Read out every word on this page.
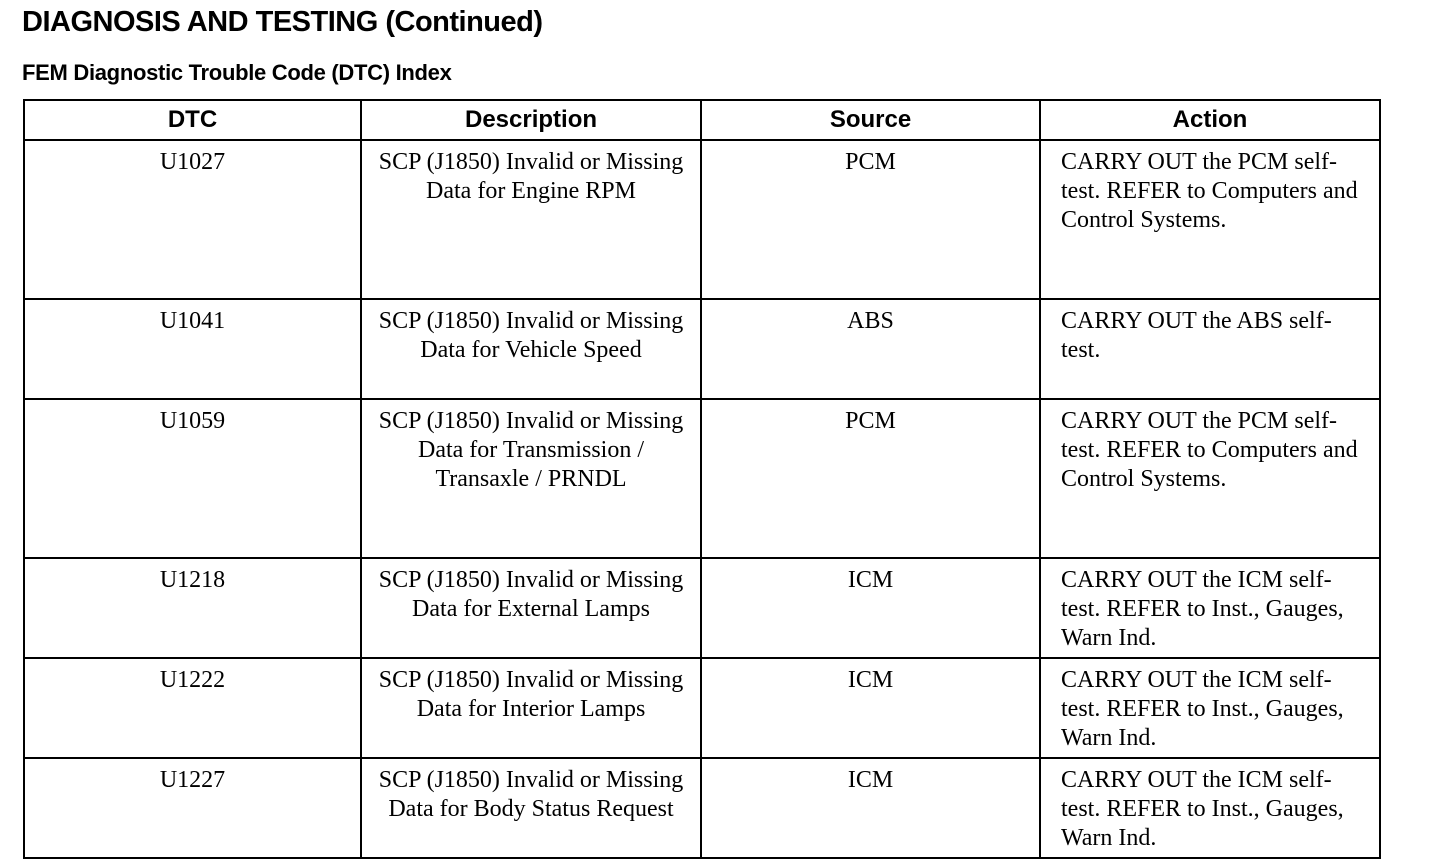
DIAGNOSIS AND TESTING (Continued)
FEM Diagnostic Trouble Code (DTC) Index
DTC	Description	Source	Action
U1027	SCP (J1850) Invalid or Missing Data for Engine RPM	PCM	CARRY OUT the PCM self-test. REFER to Computers and Control Systems.
U1041	SCP (J1850) Invalid or Missing Data for Vehicle Speed	ABS	CARRY OUT the ABS self-test.
U1059	SCP (J1850) Invalid or Missing Data for Transmission / Transaxle / PRNDL	PCM	CARRY OUT the PCM self-test. REFER to Computers and Control Systems.
U1218	SCP (J1850) Invalid or Missing Data for External Lamps	ICM	CARRY OUT the ICM self-test. REFER to Inst., Gauges, Warn Ind.
U1222	SCP (J1850) Invalid or Missing Data for Interior Lamps	ICM	CARRY OUT the ICM self-test. REFER to Inst., Gauges, Warn Ind.
U1227	SCP (J1850) Invalid or Missing Data for Body Status Request	ICM	CARRY OUT the ICM self-test. REFER to Inst., Gauges, Warn Ind.
